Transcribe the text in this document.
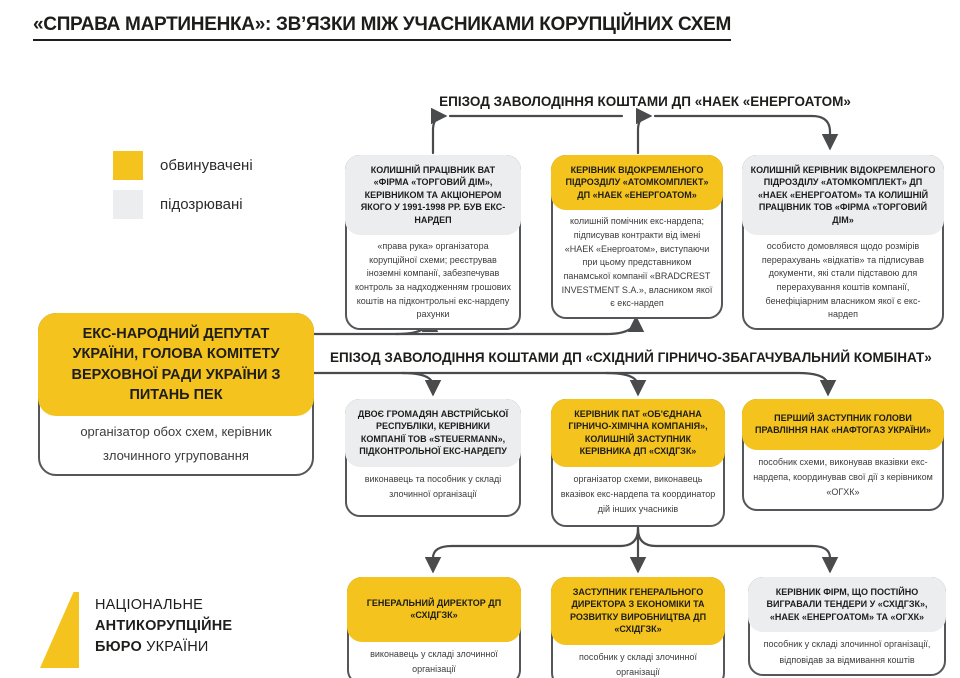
«СПРАВА МАРТИНЕНКА»: ЗВ’ЯЗКИ МІЖ УЧАСНИКАМИ КОРУПЦІЙНИХ СХЕМ
обвинувачені
підозрювані
ЕПІЗОД ЗАВОЛОДІННЯ КОШТАМИ ДП «НАЕК «ЕНЕРГОАТОМ»
ЕПІЗОД ЗАВОЛОДІННЯ КОШТАМИ ДП «СХІДНИЙ ГІРНИЧО-ЗБАГАЧУВАЛЬНИЙ КОМБІНАТ»
ЕКС-НАРОДНИЙ ДЕПУТАТ УКРАЇНИ, ГОЛОВА КОМІТЕТУ ВЕРХОВНОЇ РАДИ УКРАЇНИ З ПИТАНЬ ПЕК
організатор обох схем, керівник злочинного угруповання
КОЛИШНІЙ ПРАЦІВНИК ВАТ «ФІРМА «ТОРГОВИЙ ДІМ», КЕРІВНИКОМ ТА АКЦІОНЕРОМ ЯКОГО У 1991-1998 РР. БУВ ЕКС-НАРДЕП
«права рука» організатора корупційної схеми; реєстрував іноземні компанії, забезпечував контроль за надходженням грошових коштів на підконтрольні екс-нардепу рахунки
КЕРІВНИК ВІДОКРЕМЛЕНОГО ПІДРОЗДІЛУ «АТОМКОМПЛЕКТ» ДП «НАЕК «ЕНЕРГОАТОМ»
колишній помічник екс-нардепа; підписував контракти від імені «НАЕК «Енергоатом», виступаючи при цьому представником панамської компанії «BRADCREST INVESTMENT S.A.», власником якої є екс-нардеп
КОЛИШНІЙ КЕРІВНИК ВІДОКРЕМЛЕНОГО ПІДРОЗДІЛУ «АТОМКОМПЛЕКТ» ДП «НАЕК «ЕНЕРГОАТОМ» ТА КОЛИШНІЙ ПРАЦІВНИК ТОВ «ФІРМА «ТОРГОВИЙ ДІМ»
особисто домовлявся щодо розмірів перерахувань «відкатів» та підписував документи, які стали підставою для перерахування коштів компанії, бенефіціарним власником якої є екс-нардеп
ДВОЄ ГРОМАДЯН АВСТРІЙСЬКОЇ РЕСПУБЛІКИ, КЕРІВНИКИ КОМПАНІЇ ТОВ «STEUERMANN», ПІДКОНТРОЛЬНОЇ ЕКС-НАРДЕПУ
виконавець та пособник у складі злочинної організації
КЕРІВНИК ПАТ «ОБ'ЄДНАНА ГІРНИЧО-ХІМІЧНА КОМПАНІЯ», КОЛИШНІЙ ЗАСТУПНИК КЕРІВНИКА ДП «СХІДГЗК»
організатор схеми, виконавець вказівок екс-нардепа та координатор дій інших учасників
ПЕРШИЙ ЗАСТУПНИК ГОЛОВИ ПРАВЛІННЯ НАК «НАФТОГАЗ УКРАЇНИ»
пособник схеми, виконував вказівки екс-нардепа, координував свої дії з керівником «ОГХК»
ГЕНЕРАЛЬНИЙ ДИРЕКТОР ДП «СХІДГЗК»
виконавець у складі злочинної організації
ЗАСТУПНИК ГЕНЕРАЛЬНОГО ДИРЕКТОРА З ЕКОНОМІКИ ТА РОЗВИТКУ ВИРОБНИЦТВА ДП «СХІДГЗК»
пособник у складі злочинної організації
КЕРІВНИК ФІРМ, ЩО ПОСТІЙНО ВИГРАВАЛИ ТЕНДЕРИ У «СХІДГЗК», «НАЕК «ЕНЕРГОАТОМ» ТА «ОГХК»
пособник у складі злочинної організації, відповідав за відмивання коштів
НАЦІОНАЛЬНЕ
АНТИКОРУПЦІЙНЕ
БЮРО УКРАЇНИ
